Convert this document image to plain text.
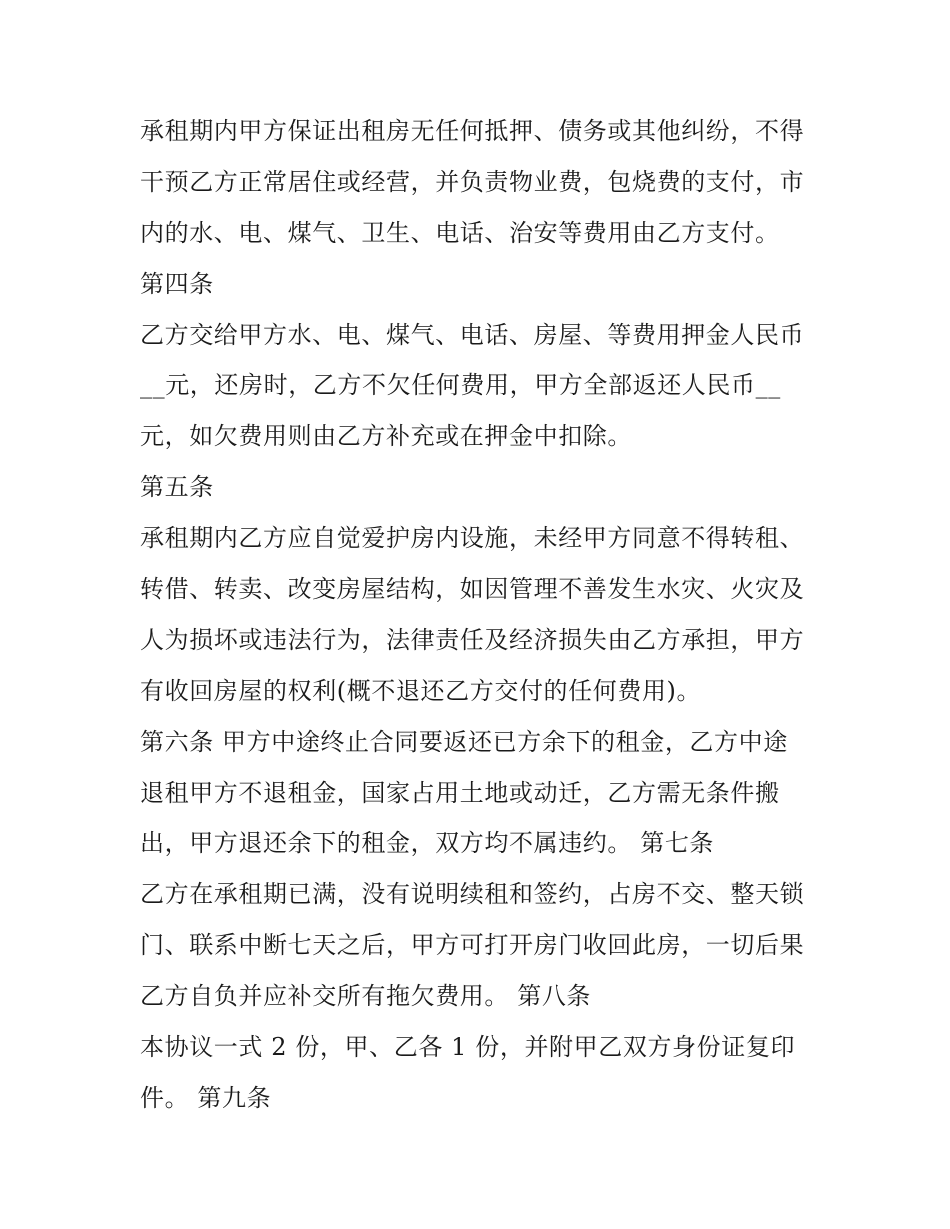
承租期内甲方保证出租房无任何抵押、债务或其他纠纷，不得
干预乙方正常居住或经营，并负责物业费，包烧费的支付，市
内的水、电、煤气、卫生、电话、治安等费用由乙方支付。
第四条
乙方交给甲方水、电、煤气、电话、房屋、等费用押金人民币
__元，还房时，乙方不欠任何费用，甲方全部返还人民币__
元，如欠费用则由乙方补充或在押金中扣除。
第五条
承租期内乙方应自觉爱护房内设施，未经甲方同意不得转租、
转借、转卖、改变房屋结构，如因管理不善发生水灾、火灾及
人为损坏或违法行为，法律责任及经济损失由乙方承担，甲方
有收回房屋的权利(概不退还乙方交付的任何费用)。
第六条 甲方中途终止合同要返还已方余下的租金，乙方中途
退租甲方不退租金，国家占用土地或动迁，乙方需无条件搬
出，甲方退还余下的租金，双方均不属违约。 第七条
乙方在承租期已满，没有说明续租和签约，占房不交、整天锁
门、联系中断七天之后，甲方可打开房门收回此房，一切后果
乙方自负并应补交所有拖欠费用。 第八条
本协议一式 2 份，甲、乙各 1 份，并附甲乙双方身份证复印
件。 第九条
